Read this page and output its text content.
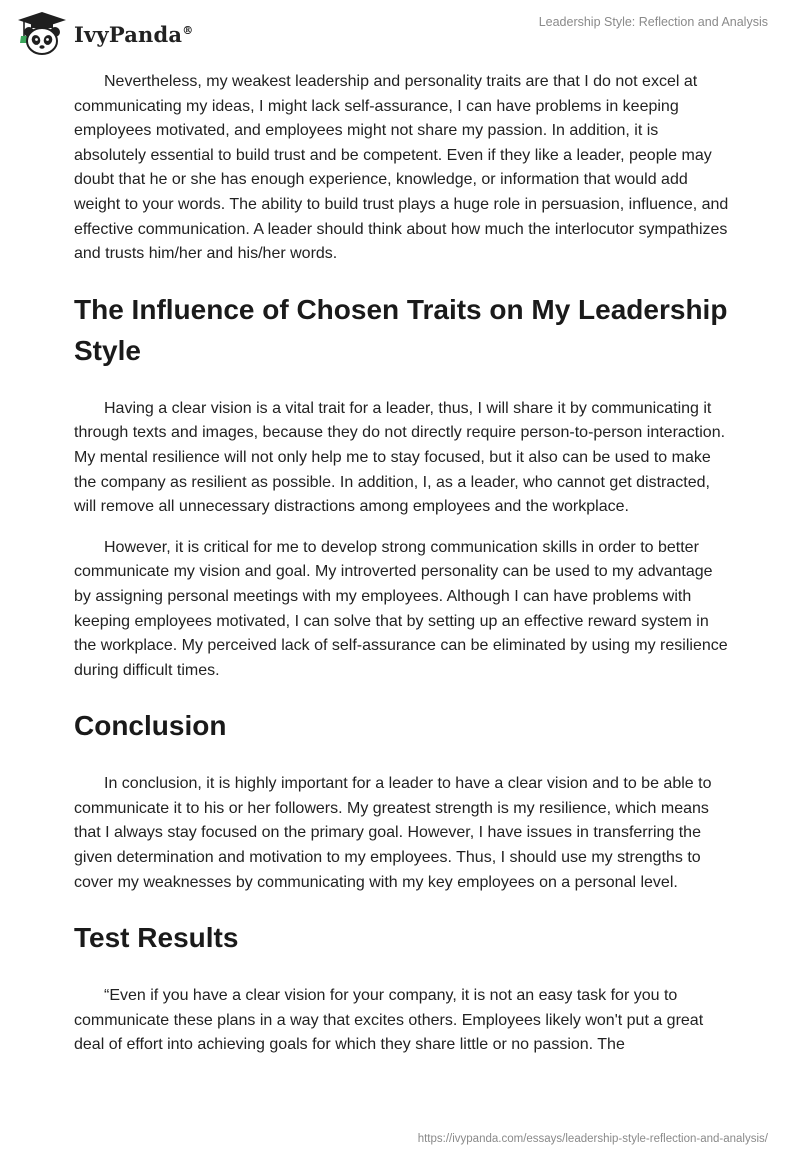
IvyPanda®
Leadership Style: Reflection and Analysis

Nevertheless, my weakest leadership and personality traits are that I do not excel at communicating my ideas, I might lack self-assurance, I can have problems in keeping employees motivated, and employees might not share my passion. In addition, it is absolutely essential to build trust and be competent. Even if they like a leader, people may doubt that he or she has enough experience, knowledge, or information that would add weight to your words. The ability to build trust plays a huge role in persuasion, influence, and effective communication. A leader should think about how much the interlocutor sympathizes and trusts him/her and his/her words.

The Influence of Chosen Traits on My Leadership Style

Having a clear vision is a vital trait for a leader, thus, I will share it by communicating it through texts and images, because they do not directly require person-to-person interaction. My mental resilience will not only help me to stay focused, but it also can be used to make the company as resilient as possible. In addition, I, as a leader, who cannot get distracted, will remove all unnecessary distractions among employees and the workplace.

However, it is critical for me to develop strong communication skills in order to better communicate my vision and goal. My introverted personality can be used to my advantage by assigning personal meetings with my employees. Although I can have problems with keeping employees motivated, I can solve that by setting up an effective reward system in the workplace. My perceived lack of self-assurance can be eliminated by using my resilience during difficult times.

Conclusion

In conclusion, it is highly important for a leader to have a clear vision and to be able to communicate it to his or her followers. My greatest strength is my resilience, which means that I always stay focused on the primary goal. However, I have issues in transferring the given determination and motivation to my employees. Thus, I should use my strengths to cover my weaknesses by communicating with my key employees on a personal level.

Test Results

“Even if you have a clear vision for your company, it is not an easy task for you to communicate these plans in a way that excites others. Employees likely won't put a great deal of effort into achieving goals for which they share little or no passion. The

https://ivypanda.com/essays/leadership-style-reflection-and-analysis/
